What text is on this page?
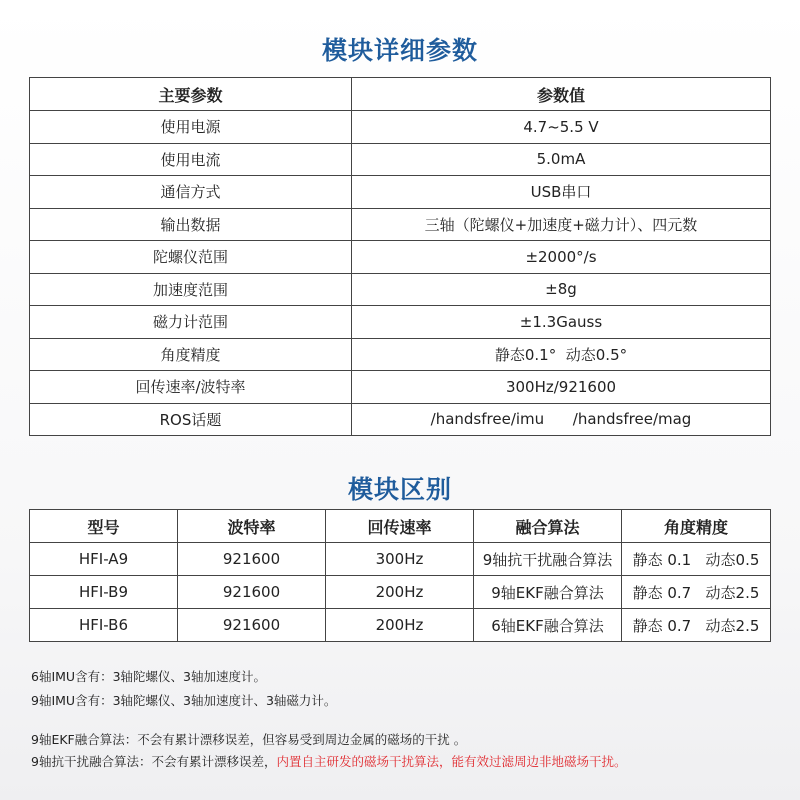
模块详细参数
主要参数	参数值
使用电源	4.7~5.5 V
使用电流	5.0mA
通信方式	USB串口
输出数据	三轴（陀螺仪+加速度+磁力计）、四元数
陀螺仪范围	±2000°/s
加速度范围	±8g
磁力计范围	±1.3Gauss
角度精度	静态0.1°  动态0.5°
回传速率/波特率	300Hz/921600
ROS话题	/handsfree/imu      /handsfree/mag
模块区别
型号	波特率	回传速率	融合算法	角度精度
HFI-A9	921600	300Hz	9轴抗干扰融合算法	静态 0.1   动态0.5
HFI-B9	921600	200Hz	9轴EKF融合算法	静态 0.7   动态2.5
HFI-B6	921600	200Hz	6轴EKF融合算法	静态 0.7   动态2.5
6轴IMU含有：3轴陀螺仪、3轴加速度计。
9轴IMU含有：3轴陀螺仪、3轴加速度计、3轴磁力计。
9轴EKF融合算法：不会有累计漂移误差，但容易受到周边金属的磁场的干扰 。
9轴抗干扰融合算法：不会有累计漂移误差，内置自主研发的磁场干扰算法，能有效过滤周边非地磁场干扰。
